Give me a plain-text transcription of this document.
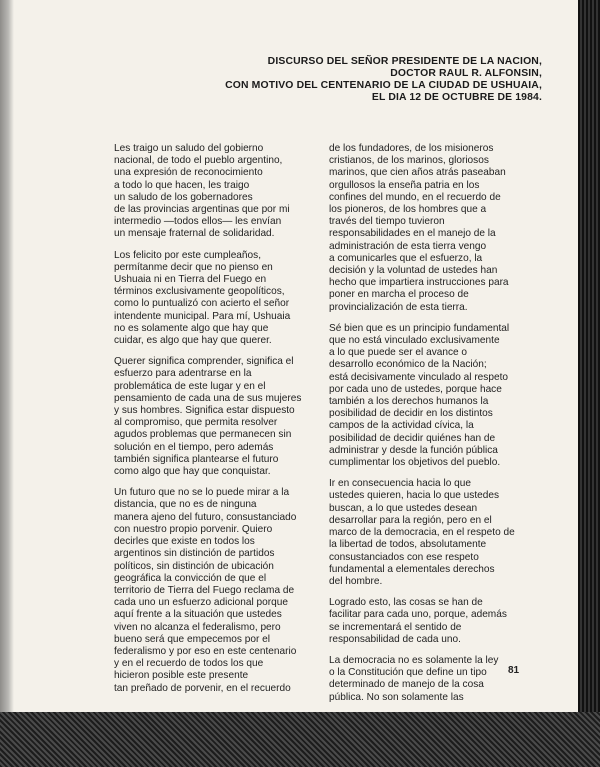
DISCURSO DEL SEÑOR PRESIDENTE DE LA NACION,
DOCTOR RAUL R. ALFONSIN,
CON MOTIVO DEL CENTENARIO DE LA CIUDAD DE USHUAIA,
EL DIA 12 DE OCTUBRE DE 1984.

Les traigo un saludo del gobierno
nacional, de todo el pueblo argentino,
una expresión de reconocimiento
a todo lo que hacen, les traigo
un saludo de los gobernadores
de las provincias argentinas que por mi
intermedio —todos ellos— les envían
un mensaje fraternal de solidaridad.

Los felicito por este cumpleaños,
permítanme decir que no pienso en
Ushuaia ni en Tierra del Fuego en
términos exclusivamente geopolíticos,
como lo puntualizó con acierto el señor
intendente municipal. Para mí, Ushuaia
no es solamente algo que hay que
cuidar, es algo que hay que querer.

Querer significa comprender, significa el
esfuerzo para adentrarse en la
problemática de este lugar y en el
pensamiento de cada una de sus mujeres
y sus hombres. Significa estar dispuesto
al compromiso, que permita resolver
agudos problemas que permanecen sin
solución en el tiempo, pero además
también significa plantearse el futuro
como algo que hay que conquistar.

Un futuro que no se lo puede mirar a la
distancia, que no es de ninguna
manera ajeno del futuro, consustanciado
con nuestro propio porvenir. Quiero
decirles que existe en todos los
argentinos sin distinción de partidos
políticos, sin distinción de ubicación
geográfica la convicción de que el
territorio de Tierra del Fuego reclama de
cada uno un esfuerzo adicional porque
aquí frente a la situación que ustedes
viven no alcanza el federalismo, pero
bueno será que empecemos por el
federalismo y por eso en este centenario
y en el recuerdo de todos los que
hicieron posible este presente
tan preñado de porvenir, en el recuerdo

de los fundadores, de los misioneros
cristianos, de los marinos, gloriosos
marinos, que cien años atrás paseaban
orgullosos la enseña patria en los
confines del mundo, en el recuerdo de
los pioneros, de los hombres que a
través del tiempo tuvieron
responsabilidades en el manejo de la
administración de esta tierra vengo
a comunicarles que el esfuerzo, la
decisión y la voluntad de ustedes han
hecho que impartiera instrucciones para
poner en marcha el proceso de
provincialización de esta tierra.

Sé bien que es un principio fundamental
que no está vinculado exclusivamente
a lo que puede ser el avance o
desarrollo económico de la Nación;
está decisivamente vinculado al respeto
por cada uno de ustedes, porque hace
también a los derechos humanos la
posibilidad de decidir en los distintos
campos de la actividad cívica, la
posibilidad de decidir quiénes han de
administrar y desde la función pública
cumplimentar los objetivos del pueblo.

Ir en consecuencia hacia lo que
ustedes quieren, hacia lo que ustedes
buscan, a lo que ustedes desean
desarrollar para la región, pero en el
marco de la democracia, en el respeto de
la libertad de todos, absolutamente
consustanciados con ese respeto
fundamental a elementales derechos
del hombre.

Logrado esto, las cosas se han de
facilitar para cada uno, porque, además
se incrementará el sentido de
responsabilidad de cada uno.

La democracia no es solamente la ley
o la Constitución que define un tipo
determinado de manejo de la cosa
pública. No son solamente las

81
